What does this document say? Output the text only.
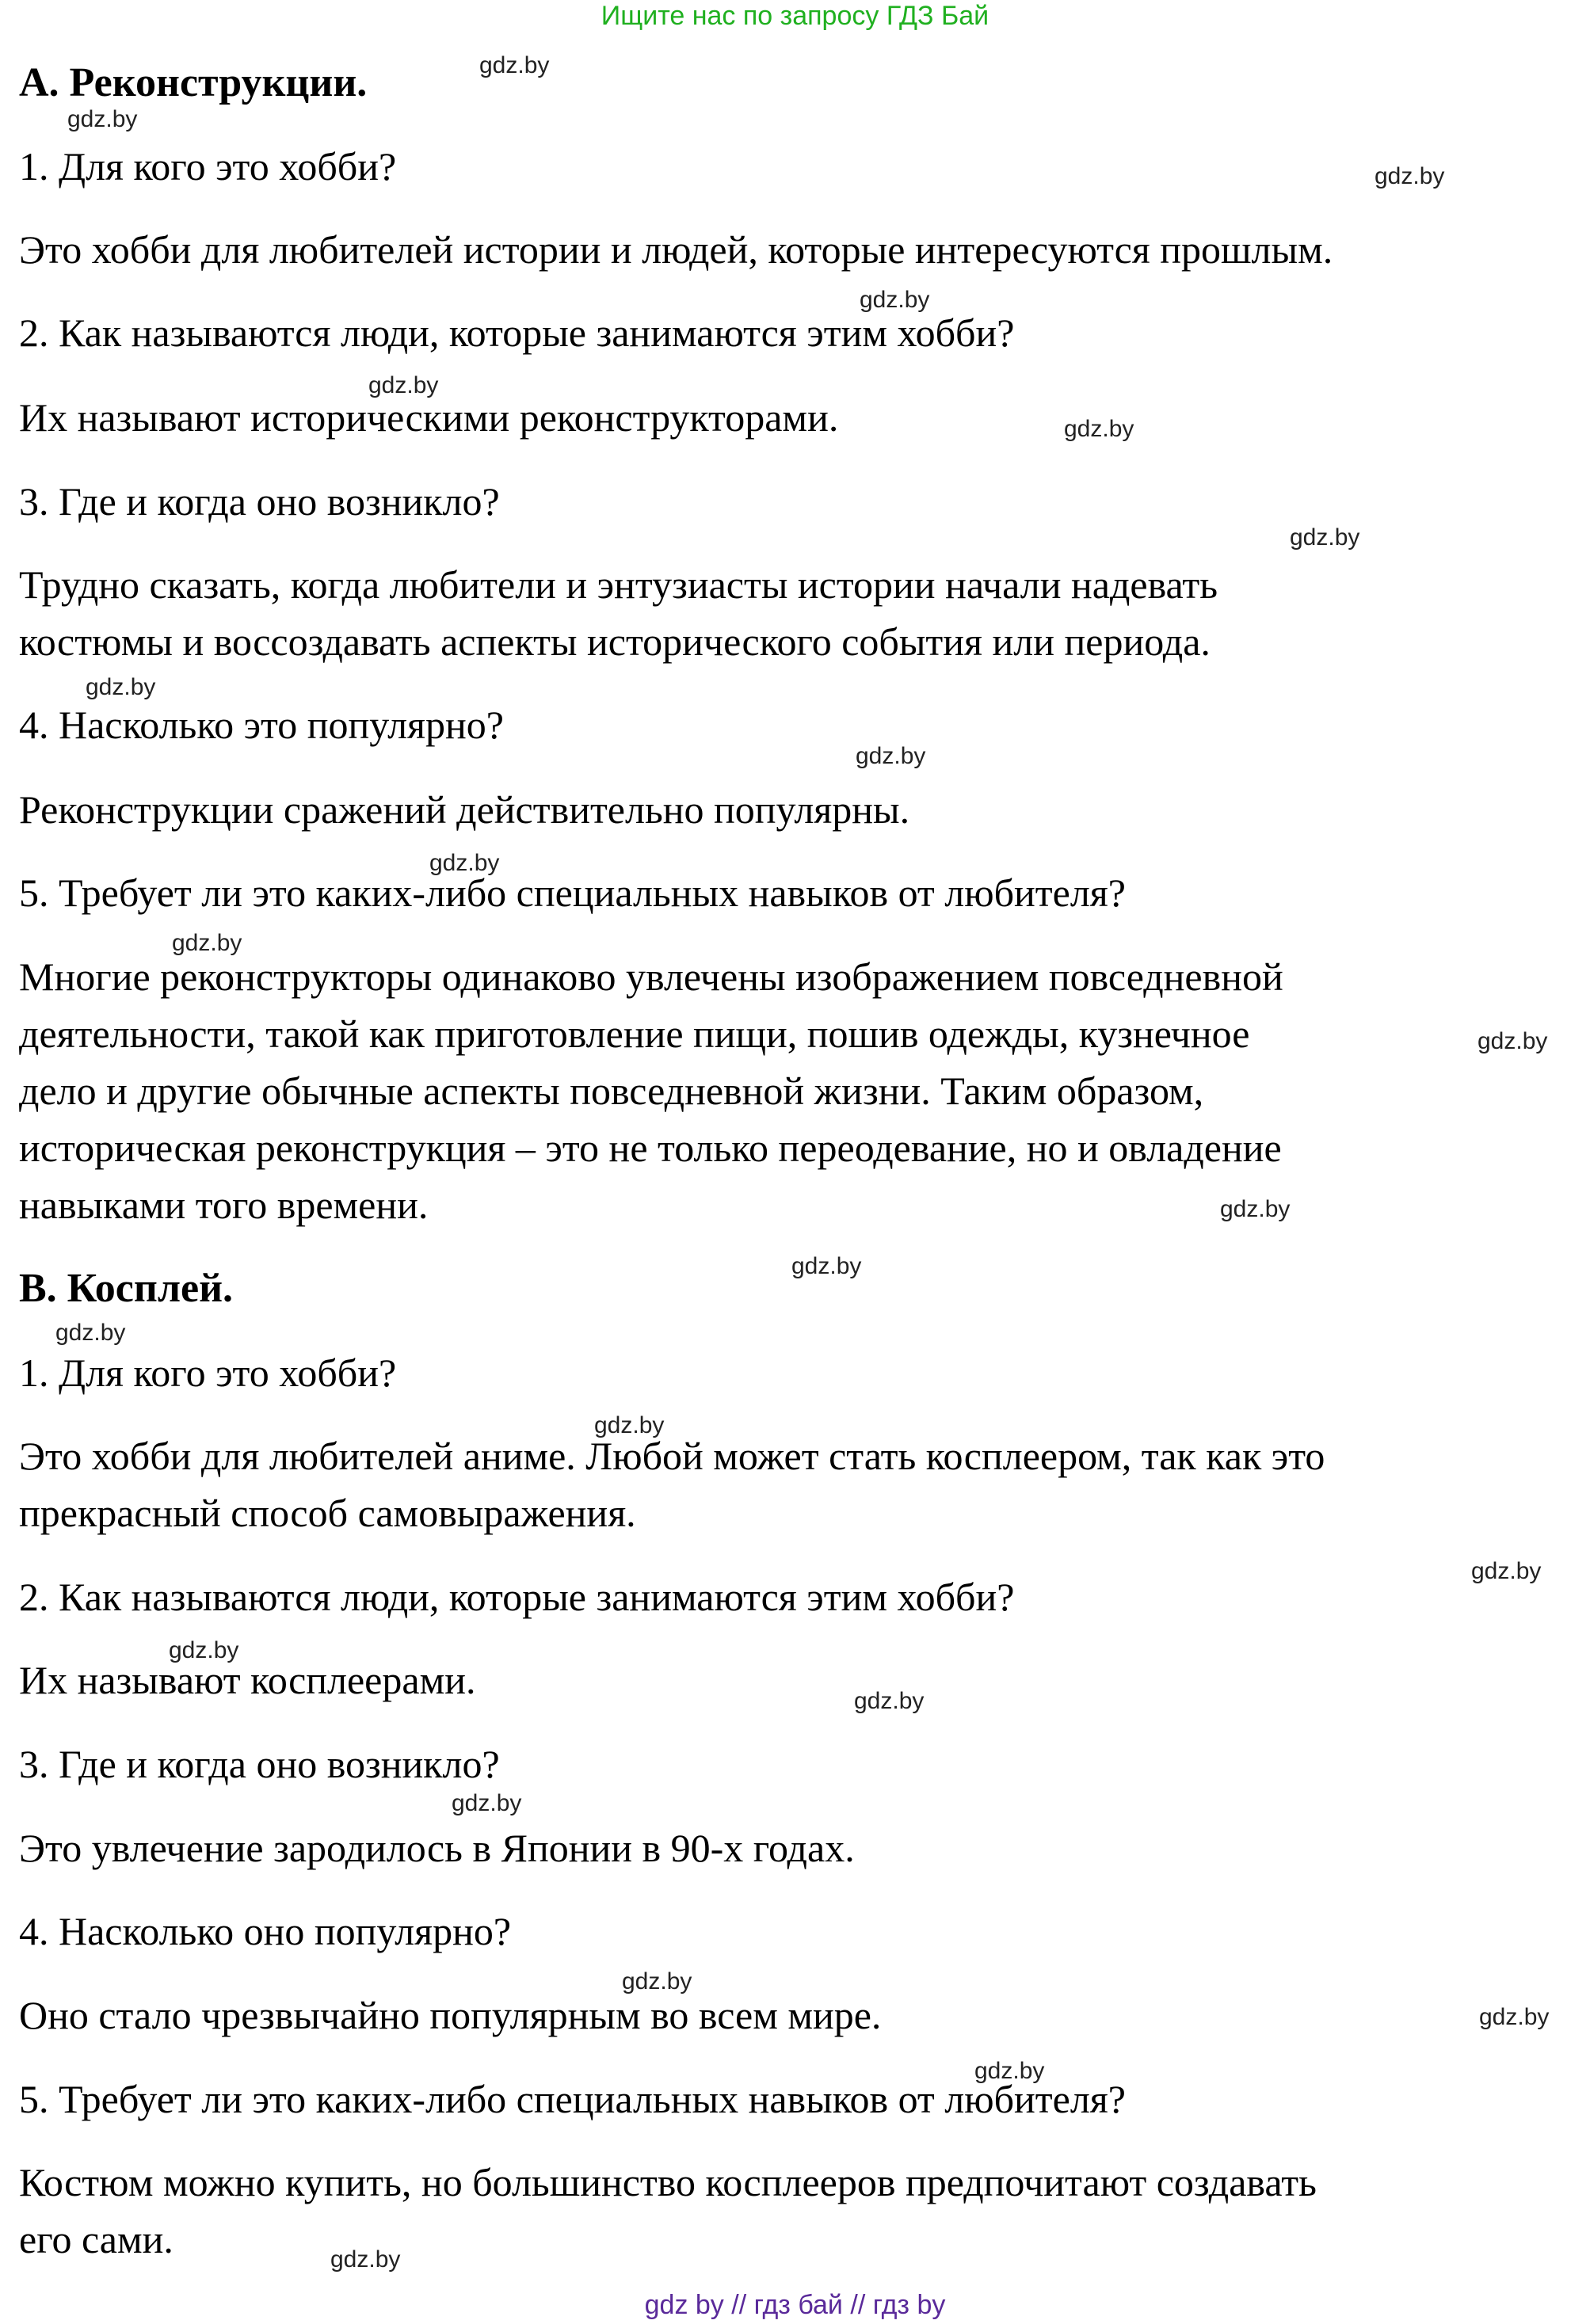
Ищите нас по запросу ГДЗ Бай
A. Реконструкции.
1. Для кого это хобби?
Это хобби для любителей истории и людей, которые интересуются прошлым.
2. Как называются люди, которые занимаются этим хобби?
Их называют историческими реконструкторами.
3. Где и когда оно возникло?
Трудно сказать, когда любители и энтузиасты истории начали надевать
костюмы и воссоздавать аспекты исторического события или периода.
4. Насколько это популярно?
Реконструкции сражений действительно популярны.
5. Требует ли это каких-либо специальных навыков от любителя?
Многие реконструкторы одинаково увлечены изображением повседневной
деятельности, такой как приготовление пищи, пошив одежды, кузнечное
дело и другие обычные аспекты повседневной жизни. Таким образом,
историческая реконструкция – это не только переодевание, но и овладение
навыками того времени.
B. Косплей.
1. Для кого это хобби?
Это хобби для любителей аниме. Любой может стать косплеером, так как это
прекрасный способ самовыражения.
2. Как называются люди, которые занимаются этим хобби?
Их называют косплеерами.
3. Где и когда оно возникло?
Это увлечение зародилось в Японии в 90-х годах.
4. Насколько оно популярно?
Оно стало чрезвычайно популярным во всем мире.
5. Требует ли это каких-либо специальных навыков от любителя?
Костюм можно купить, но большинство косплееров предпочитают создавать
его сами.
gdz.by
gdz.by
gdz.by
gdz.by
gdz.by
gdz.by
gdz.by
gdz.by
gdz.by
gdz.by
gdz.by
gdz.by
gdz.by
gdz.by
gdz.by
gdz.by
gdz.by
gdz.by
gdz.by
gdz.by
gdz.by
gdz.by
gdz.by
gdz.by
gdz by // гдз бай // гдз by
